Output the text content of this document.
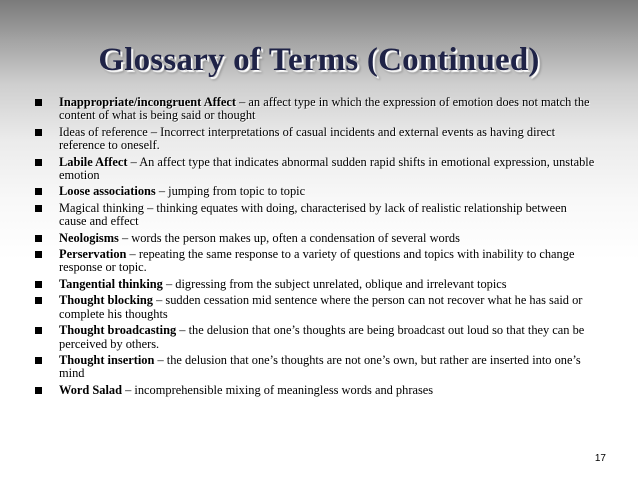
Glossary of Terms (Continued)
Inappropriate/incongruent Affect – an affect type in which the expression of emotion does not match the content of what is being said or thought
Ideas of reference – Incorrect interpretations of casual incidents and external events as having direct reference to oneself.
Labile Affect – An affect type that indicates abnormal sudden rapid shifts in emotional expression, unstable emotion
Loose associations – jumping from topic to topic
Magical thinking – thinking equates with doing, characterised by lack of realistic relationship between cause and effect
Neologisms – words the person makes up, often a condensation of several words
Perservation – repeating the same response to a variety of questions and topics with inability to change response or topic.
Tangential thinking – digressing from the subject unrelated, oblique and irrelevant topics
Thought blocking – sudden cessation mid sentence where the person can not recover what he has said or complete his thoughts
Thought broadcasting – the delusion that one’s thoughts are being broadcast out loud so that they can be perceived by others.
Thought insertion – the delusion that one’s thoughts are not one’s own, but rather are inserted into one’s mind
Word Salad – incomprehensible mixing of meaningless words and phrases
17
